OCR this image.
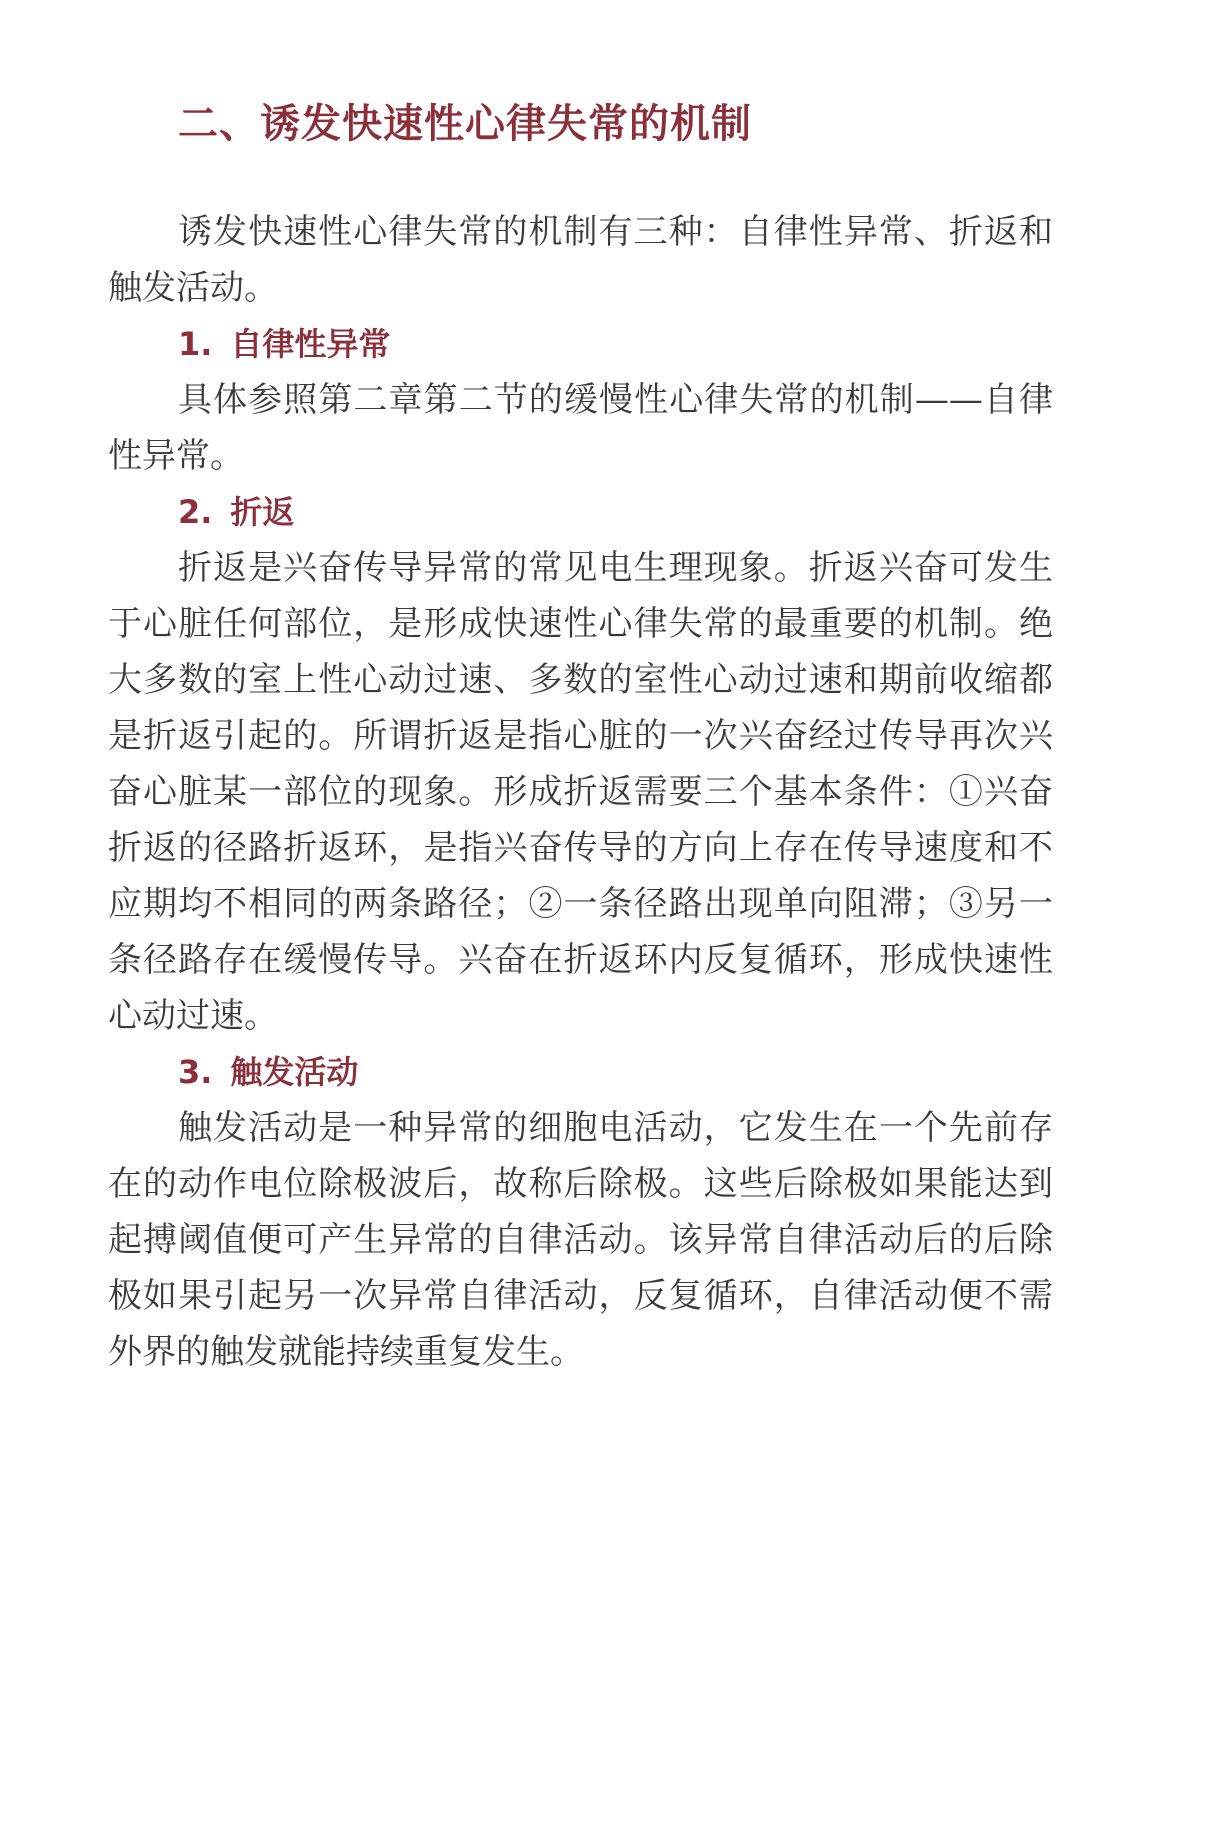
二、诱发快速性心律失常的机制

诱发快速性心律失常的机制有三种：自律性异常、折返和触发活动。

1. 自律性异常

具体参照第二章第二节的缓慢性心律失常的机制——自律性异常。

2. 折返

折返是兴奋传导异常的常见电生理现象。折返兴奋可发生于心脏任何部位，是形成快速性心律失常的最重要的机制。绝大多数的室上性心动过速、多数的室性心动过速和期前收缩都是折返引起的。所谓折返是指心脏的一次兴奋经过传导再次兴奋心脏某一部位的现象。形成折返需要三个基本条件：①兴奋折返的径路折返环，是指兴奋传导的方向上存在传导速度和不应期均不相同的两条路径；②一条径路出现单向阻滞；③另一条径路存在缓慢传导。兴奋在折返环内反复循环，形成快速性心动过速。

3. 触发活动

触发活动是一种异常的细胞电活动，它发生在一个先前存在的动作电位除极波后，故称后除极。这些后除极如果能达到起搏阈值便可产生异常的自律活动。该异常自律活动后的后除极如果引起另一次异常自律活动，反复循环，自律活动便不需外界的触发就能持续重复发生。
